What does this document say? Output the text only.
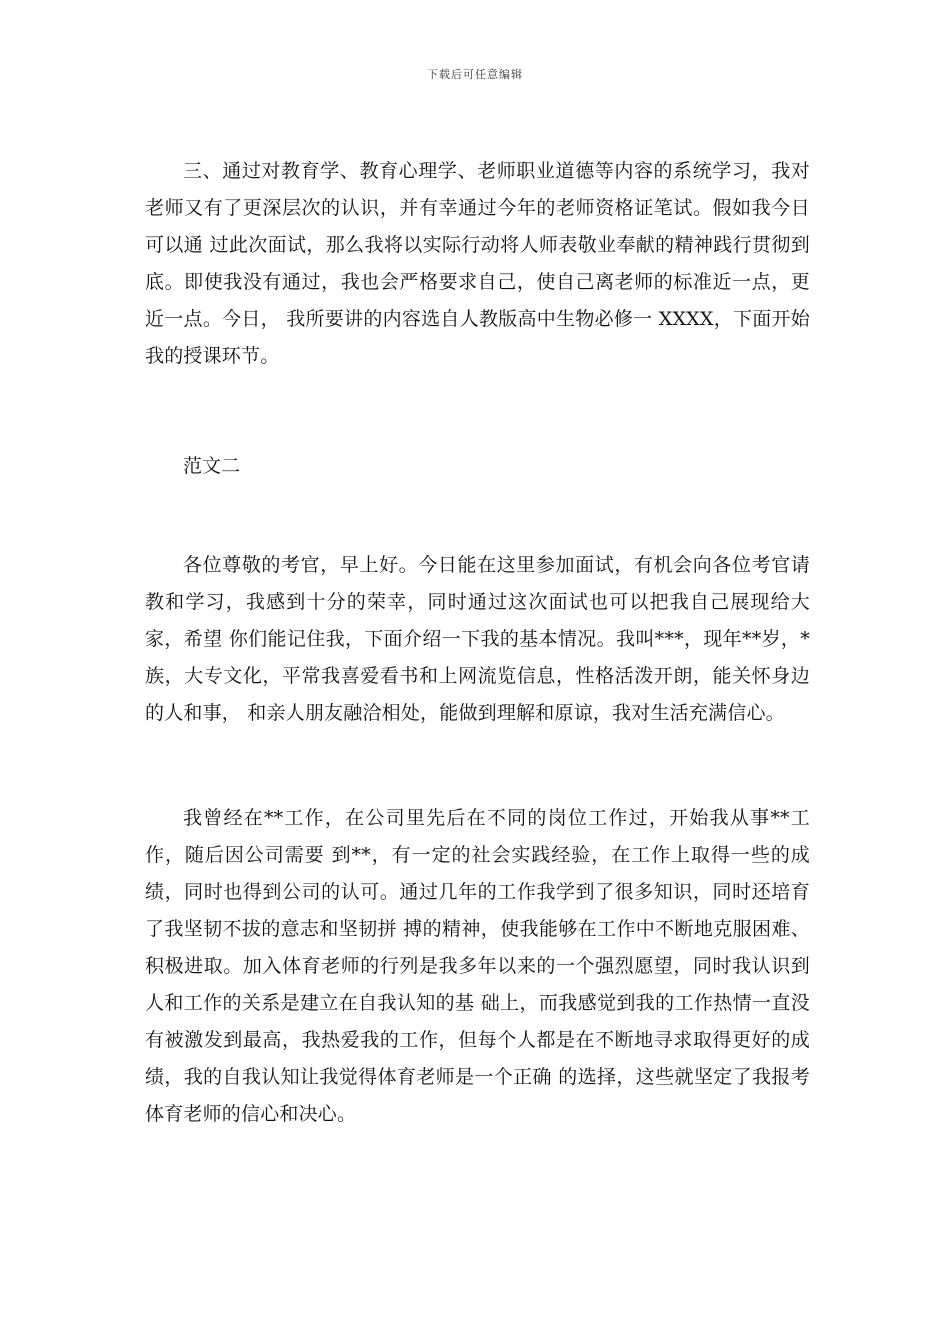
下载后可任意编辑

三、通过对教育学、教育心理学、老师职业道德等内容的系统学习，我对老师又有了更深层次的认识，并有幸通过今年的老师资格证笔试。假如我今日可以通 过此次面试，那么我将以实际行动将人师表敬业奉献的精神践行贯彻到底。即使我没有通过，我也会严格要求自己，使自己离老师的标准近一点，更近一点。今日， 我所要讲的内容选自人教版高中生物必修一 XXXX，下面开始我的授课环节。

范文二

各位尊敬的考官，早上好。今日能在这里参加面试，有机会向各位考官请教和学习，我感到十分的荣幸，同时通过这次面试也可以把我自己展现给大家，希望 你们能记住我，下面介绍一下我的基本情况。我叫***，现年**岁，*族，大专文化，平常我喜爱看书和上网流览信息，性格活泼开朗，能关怀身边的人和事， 和亲人朋友融洽相处，能做到理解和原谅，我对生活充满信心。

我曾经在**工作，在公司里先后在不同的岗位工作过，开始我从事**工作，随后因公司需要 到**，有一定的社会实践经验，在工作上取得一些的成绩，同时也得到公司的认可。通过几年的工作我学到了很多知识，同时还培育了我坚韧不拔的意志和坚韧拼 搏的精神，使我能够在工作中不断地克服困难、积极进取。加入体育老师的行列是我多年以来的一个强烈愿望，同时我认识到人和工作的关系是建立在自我认知的基 础上，而我感觉到我的工作热情一直没有被激发到最高，我热爱我的工作，但每个人都是在不断地寻求取得更好的成绩，我的自我认知让我觉得体育老师是一个正确 的选择，这些就坚定了我报考体育老师的信心和决心。
